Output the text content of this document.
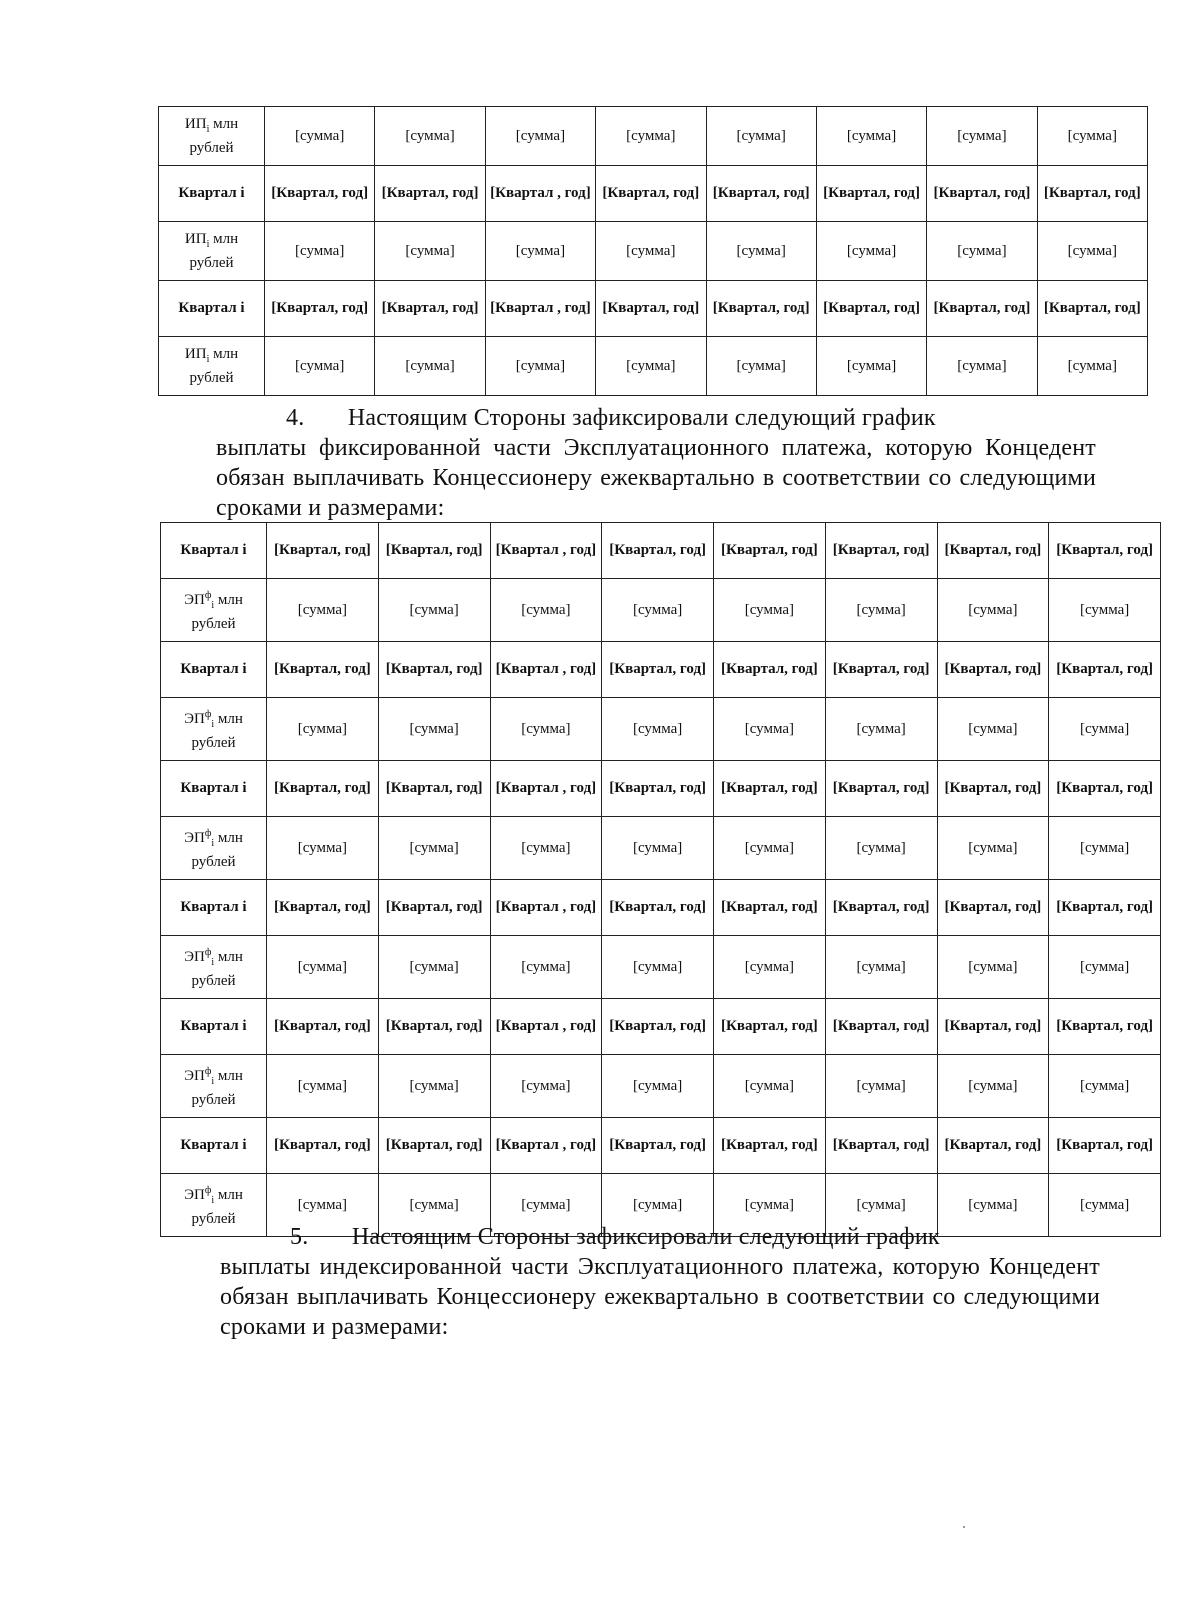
$ИП_i$ млн рублей	[сумма]	[сумма]	[сумма]	[сумма]	[сумма]	[сумма]	[сумма]	[сумма]
Квартал i	[Квартал, год]	[Квартал, год]	[Квартал , год]	[Квартал, год]	[Квартал, год]	[Квартал, год]	[Квартал, год]	[Квартал, год]
$ИП_i$ млн рублей	[сумма]	[сумма]	[сумма]	[сумма]	[сумма]	[сумма]	[сумма]	[сумма]
Квартал i	[Квартал, год]	[Квартал, год]	[Квартал , год]	[Квартал, год]	[Квартал, год]	[Квартал, год]	[Квартал, год]	[Квартал, год]
$ИП_i$ млн рублей	[сумма]	[сумма]	[сумма]	[сумма]	[сумма]	[сумма]	[сумма]	[сумма]
4. Настоящим Стороны зафиксировали следующий график
выплаты фиксированной части Эксплуатационного платежа, которую Концедент обязан выплачивать Концессионеру ежеквартально в соответствии со следующими сроками и размерами:
Квартал i	[Квартал, год]	[Квартал, год]	[Квартал , год]	[Квартал, год]	[Квартал, год]	[Квартал, год]	[Квартал, год]	[Квартал, год]
$ЭП^ф_i$ млн рублей	[сумма]	[сумма]	[сумма]	[сумма]	[сумма]	[сумма]	[сумма]	[сумма]
Квартал i	[Квартал, год]	[Квартал, год]	[Квартал , год]	[Квартал, год]	[Квартал, год]	[Квартал, год]	[Квартал, год]	[Квартал, год]
$ЭП^ф_i$ млн рублей	[сумма]	[сумма]	[сумма]	[сумма]	[сумма]	[сумма]	[сумма]	[сумма]
Квартал i	[Квартал, год]	[Квартал, год]	[Квартал , год]	[Квартал, год]	[Квартал, год]	[Квартал, год]	[Квартал, год]	[Квартал, год]
$ЭП^ф_i$ млн рублей	[сумма]	[сумма]	[сумма]	[сумма]	[сумма]	[сумма]	[сумма]	[сумма]
Квартал i	[Квартал, год]	[Квартал, год]	[Квартал , год]	[Квартал, год]	[Квартал, год]	[Квартал, год]	[Квартал, год]	[Квартал, год]
$ЭП^ф_i$ млн рублей	[сумма]	[сумма]	[сумма]	[сумма]	[сумма]	[сумма]	[сумма]	[сумма]
Квартал i	[Квартал, год]	[Квартал, год]	[Квартал , год]	[Квартал, год]	[Квартал, год]	[Квартал, год]	[Квартал, год]	[Квартал, год]
$ЭП^ф_i$ млн рублей	[сумма]	[сумма]	[сумма]	[сумма]	[сумма]	[сумма]	[сумма]	[сумма]
Квартал i	[Квартал, год]	[Квартал, год]	[Квартал , год]	[Квартал, год]	[Квартал, год]	[Квартал, год]	[Квартал, год]	[Квартал, год]
$ЭП^ф_i$ млн рублей	[сумма]	[сумма]	[сумма]	[сумма]	[сумма]	[сумма]	[сумма]	[сумма]
5. Настоящим Стороны зафиксировали следующий график
выплаты индексированной части Эксплуатационного платежа, которую Концедент обязан выплачивать Концессионеру ежеквартально в соответствии со следующими сроками и размерами:
